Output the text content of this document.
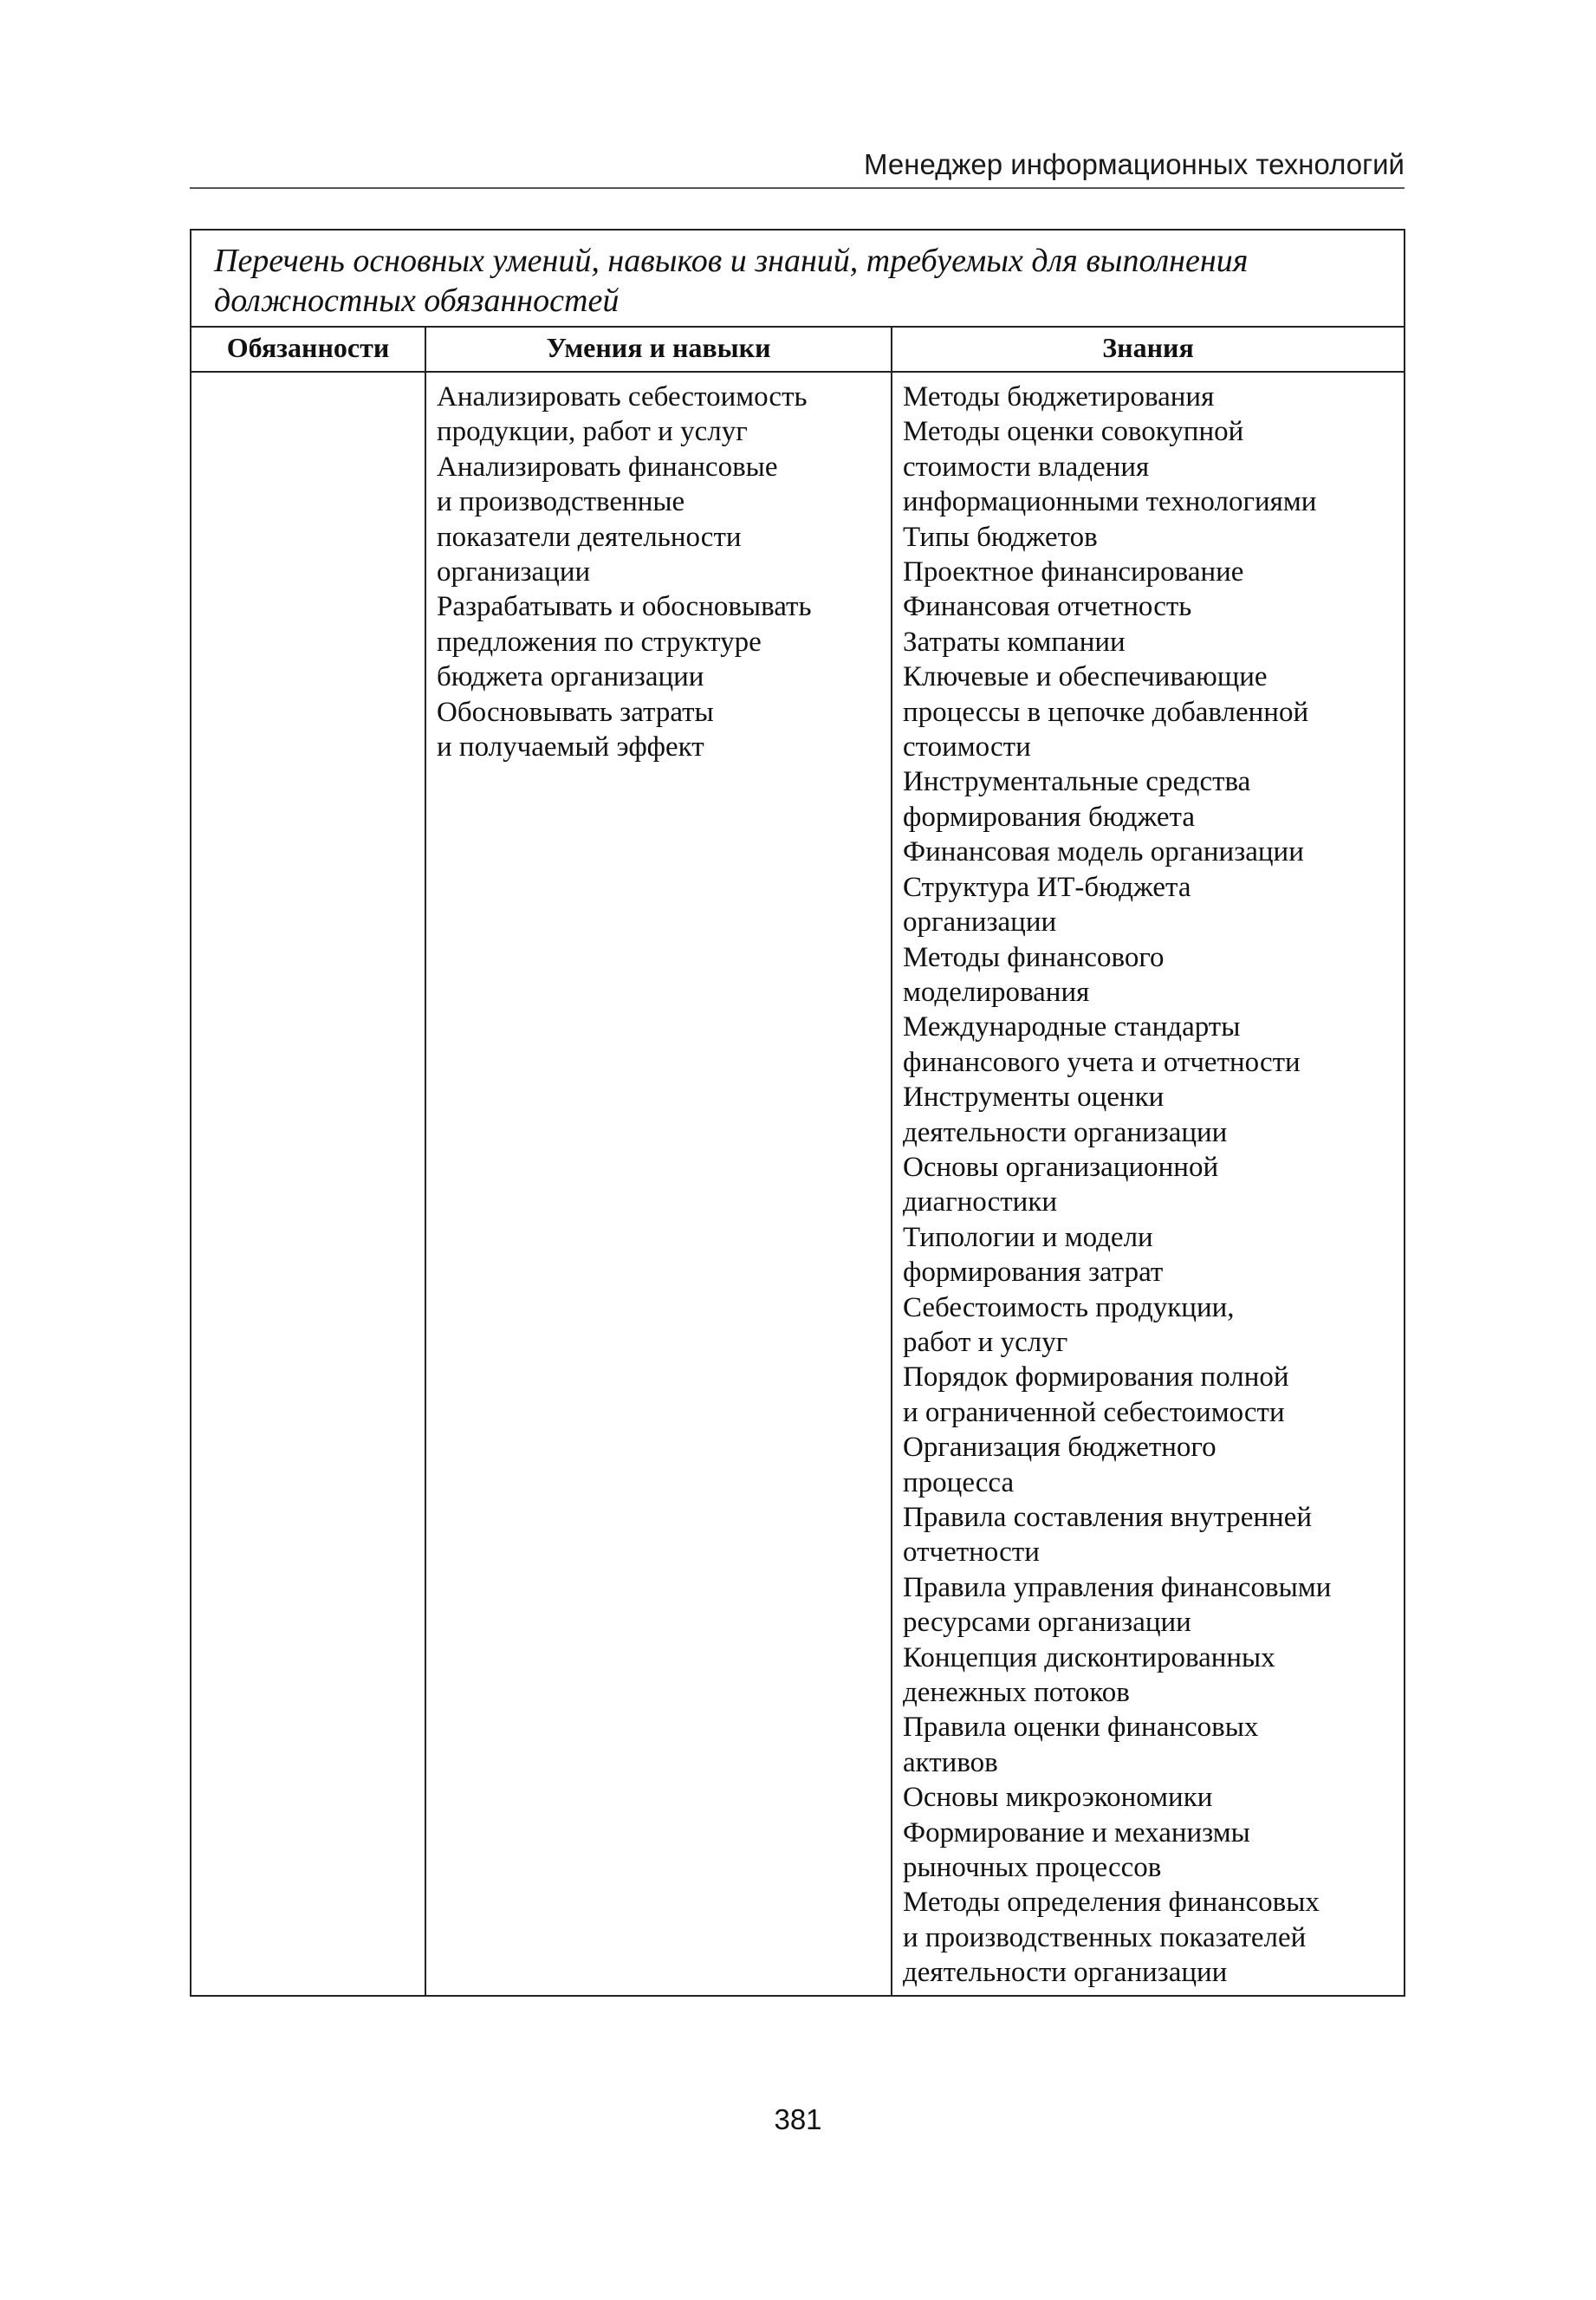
Менеджер информационных технологий
Перечень основных умений, навыков и знаний, требуемых для выполнения
должностных обязанностей
Обязанности	Умения и навыки	Знания
Анализировать себестоимость
продукции, работ и услуг
Анализировать финансовые
и производственные
показатели деятельности
организации
Разрабатывать и обосновывать
предложения по структуре
бюджета организации
Обосновывать затраты
и получаемый эффект
Методы бюджетирования
Методы оценки совокупной
стоимости владения
информационными технологиями
Типы бюджетов
Проектное финансирование
Финансовая отчетность
Затраты компании
Ключевые и обеспечивающие
процессы в цепочке добавленной
стоимости
Инструментальные средства
формирования бюджета
Финансовая модель организации
Структура ИТ-бюджета
организации
Методы финансового
моделирования
Международные стандарты
финансового учета и отчетности
Инструменты оценки
деятельности организации
Основы организационной
диагностики
Типологии и модели
формирования затрат
Себестоимость продукции,
работ и услуг
Порядок формирования полной
и ограниченной себестоимости
Организация бюджетного
процесса
Правила составления внутренней
отчетности
Правила управления финансовыми
ресурсами организации
Концепция дисконтированных
денежных потоков
Правила оценки финансовых
активов
Основы микроэкономики
Формирование и механизмы
рыночных процессов
Методы определения финансовых
и производственных показателей
деятельности организации
381
